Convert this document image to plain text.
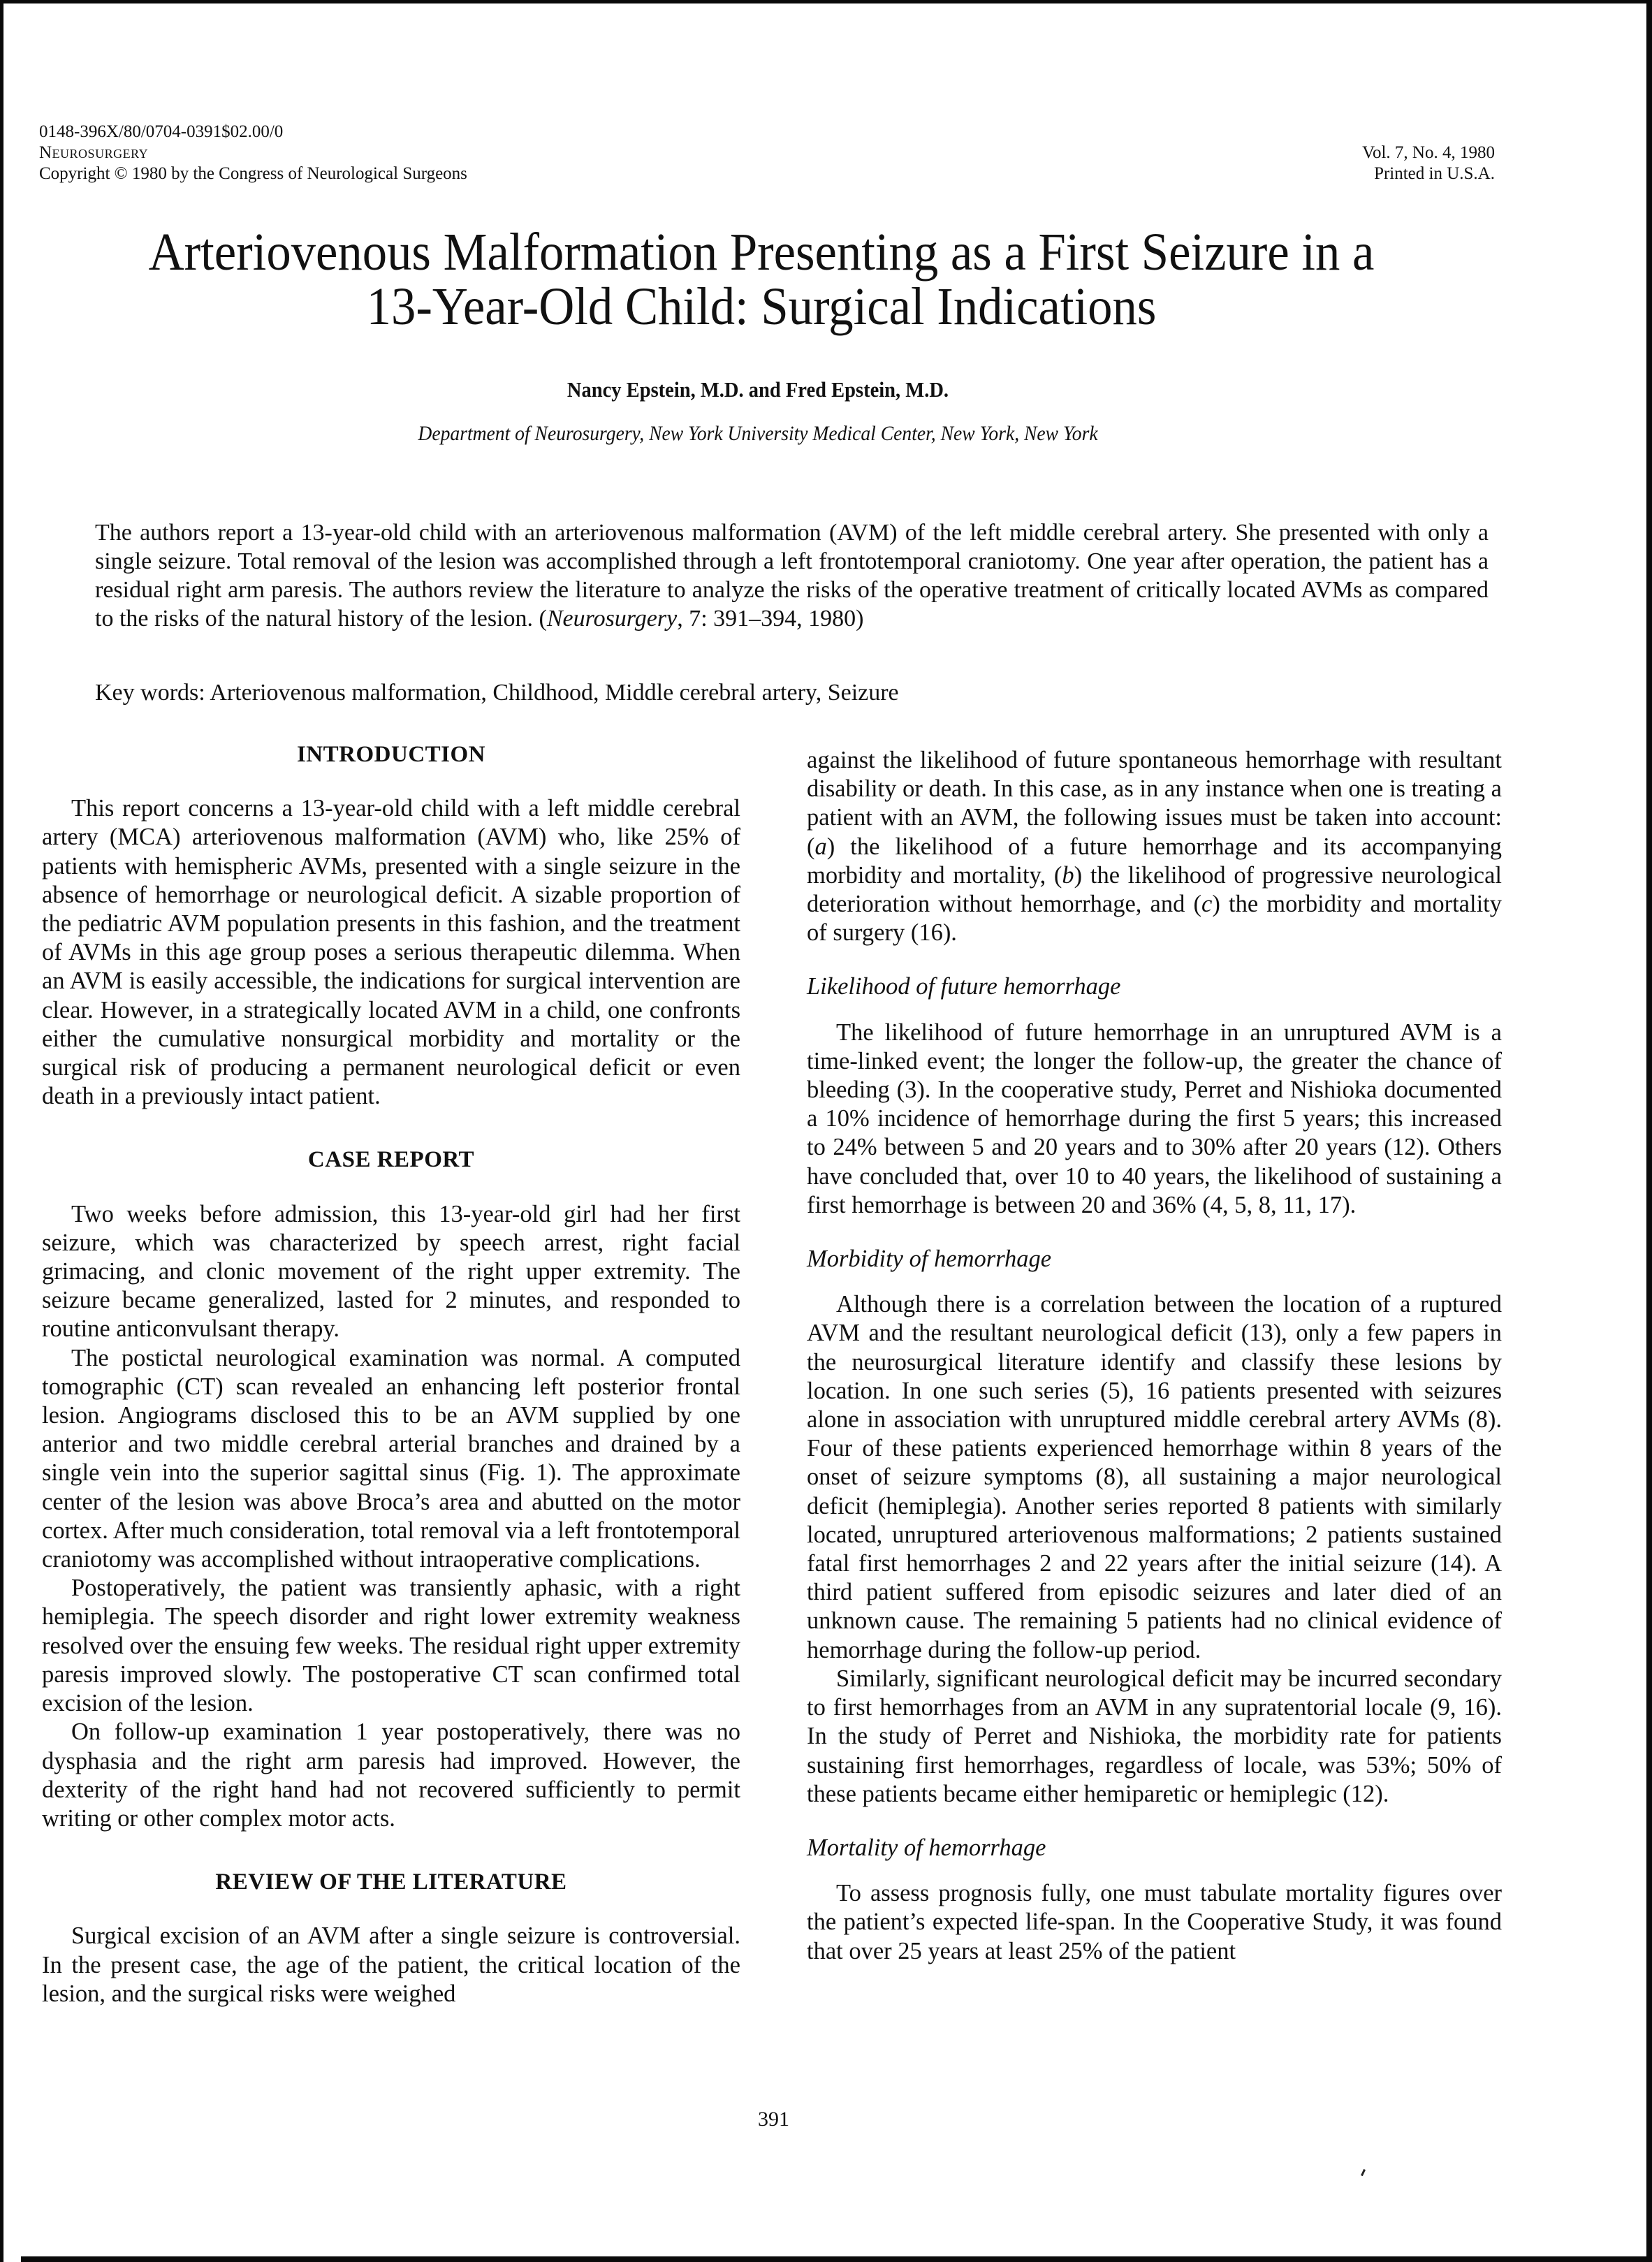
0148-396X/80/0704-0391$02.00/0
Neurosurgery
Copyright © 1980 by the Congress of Neurological Surgeons
Vol. 7, No. 4, 1980
Printed in U.S.A.
Arteriovenous Malformation Presenting as a First Seizure in a
13-Year-Old Child: Surgical Indications
Nancy Epstein, M.D. and Fred Epstein, M.D.
Department of Neurosurgery, New York University Medical Center, New York, New York
The authors report a 13-year-old child with an arteriovenous malformation (AVM) of the left middle cerebral artery. She presented with only a single seizure. Total removal of the lesion was accomplished through a left frontotemporal craniotomy. One year after operation, the patient has a residual right arm paresis. The authors review the literature to analyze the risks of the operative treatment of critically located AVMs as compared to the risks of the natural history of the lesion. (Neurosurgery, 7: 391–394, 1980)
Key words: Arteriovenous malformation, Childhood, Middle cerebral artery, Seizure
INTRODUCTION

This report concerns a 13-year-old child with a left middle cerebral artery (MCA) arteriovenous malformation (AVM) who, like 25% of patients with hemispheric AVMs, presented with a single seizure in the absence of hemorrhage or neurological deficit. A sizable proportion of the pediatric AVM population presents in this fashion, and the treatment of AVMs in this age group poses a serious therapeutic dilemma. When an AVM is easily accessible, the indications for surgical intervention are clear. However, in a strategically located AVM in a child, one confronts either the cumulative nonsurgical morbidity and mortality or the surgical risk of producing a permanent neurological deficit or even death in a previously intact patient.

CASE REPORT

Two weeks before admission, this 13-year-old girl had her first seizure, which was characterized by speech arrest, right facial grimacing, and clonic movement of the right upper extremity. The seizure became generalized, lasted for 2 minutes, and responded to routine anticonvulsant therapy.

The postictal neurological examination was normal. A computed tomographic (CT) scan revealed an enhancing left posterior frontal lesion. Angiograms disclosed this to be an AVM supplied by one anterior and two middle cerebral arterial branches and drained by a single vein into the superior sagittal sinus (Fig. 1). The approximate center of the lesion was above Broca’s area and abutted on the motor cortex. After much consideration, total removal via a left frontotemporal craniotomy was accomplished without intraoperative complications.

Postoperatively, the patient was transiently aphasic, with a right hemiplegia. The speech disorder and right lower extremity weakness resolved over the ensuing few weeks. The residual right upper extremity paresis improved slowly. The postoperative CT scan confirmed total excision of the lesion.

On follow-up examination 1 year postoperatively, there was no dysphasia and the right arm paresis had improved. However, the dexterity of the right hand had not recovered sufficiently to permit writing or other complex motor acts.

REVIEW OF THE LITERATURE

Surgical excision of an AVM after a single seizure is controversial. In the present case, the age of the patient, the critical location of the lesion, and the surgical risks were weighed

against the likelihood of future spontaneous hemorrhage with resultant disability or death. In this case, as in any instance when one is treating a patient with an AVM, the following issues must be taken into account: (a) the likelihood of a future hemorrhage and its accompanying morbidity and mortality, (b) the likelihood of progressive neurological deterioration without hemorrhage, and (c) the morbidity and mortality of surgery (16).

Likelihood of future hemorrhage

The likelihood of future hemorrhage in an unruptured AVM is a time-linked event; the longer the follow-up, the greater the chance of bleeding (3). In the cooperative study, Perret and Nishioka documented a 10% incidence of hemorrhage during the first 5 years; this increased to 24% between 5 and 20 years and to 30% after 20 years (12). Others have concluded that, over 10 to 40 years, the likelihood of sustaining a first hemorrhage is between 20 and 36% (4, 5, 8, 11, 17).

Morbidity of hemorrhage

Although there is a correlation between the location of a ruptured AVM and the resultant neurological deficit (13), only a few papers in the neurosurgical literature identify and classify these lesions by location. In one such series (5), 16 patients presented with seizures alone in association with unruptured middle cerebral artery AVMs (8). Four of these patients experienced hemorrhage within 8 years of the onset of seizure symptoms (8), all sustaining a major neurological deficit (hemiplegia). Another series reported 8 patients with similarly located, unruptured arteriovenous malformations; 2 patients sustained fatal first hemorrhages 2 and 22 years after the initial seizure (14). A third patient suffered from episodic seizures and later died of an unknown cause. The remaining 5 patients had no clinical evidence of hemorrhage during the follow-up period.

Similarly, significant neurological deficit may be incurred secondary to first hemorrhages from an AVM in any supratentorial locale (9, 16). In the study of Perret and Nishioka, the morbidity rate for patients sustaining first hemorrhages, regardless of locale, was 53%; 50% of these patients became either hemiparetic or hemiplegic (12).

Mortality of hemorrhage

To assess prognosis fully, one must tabulate mortality figures over the patient’s expected life-span. In the Cooperative Study, it was found that over 25 years at least 25% of the patient

391
